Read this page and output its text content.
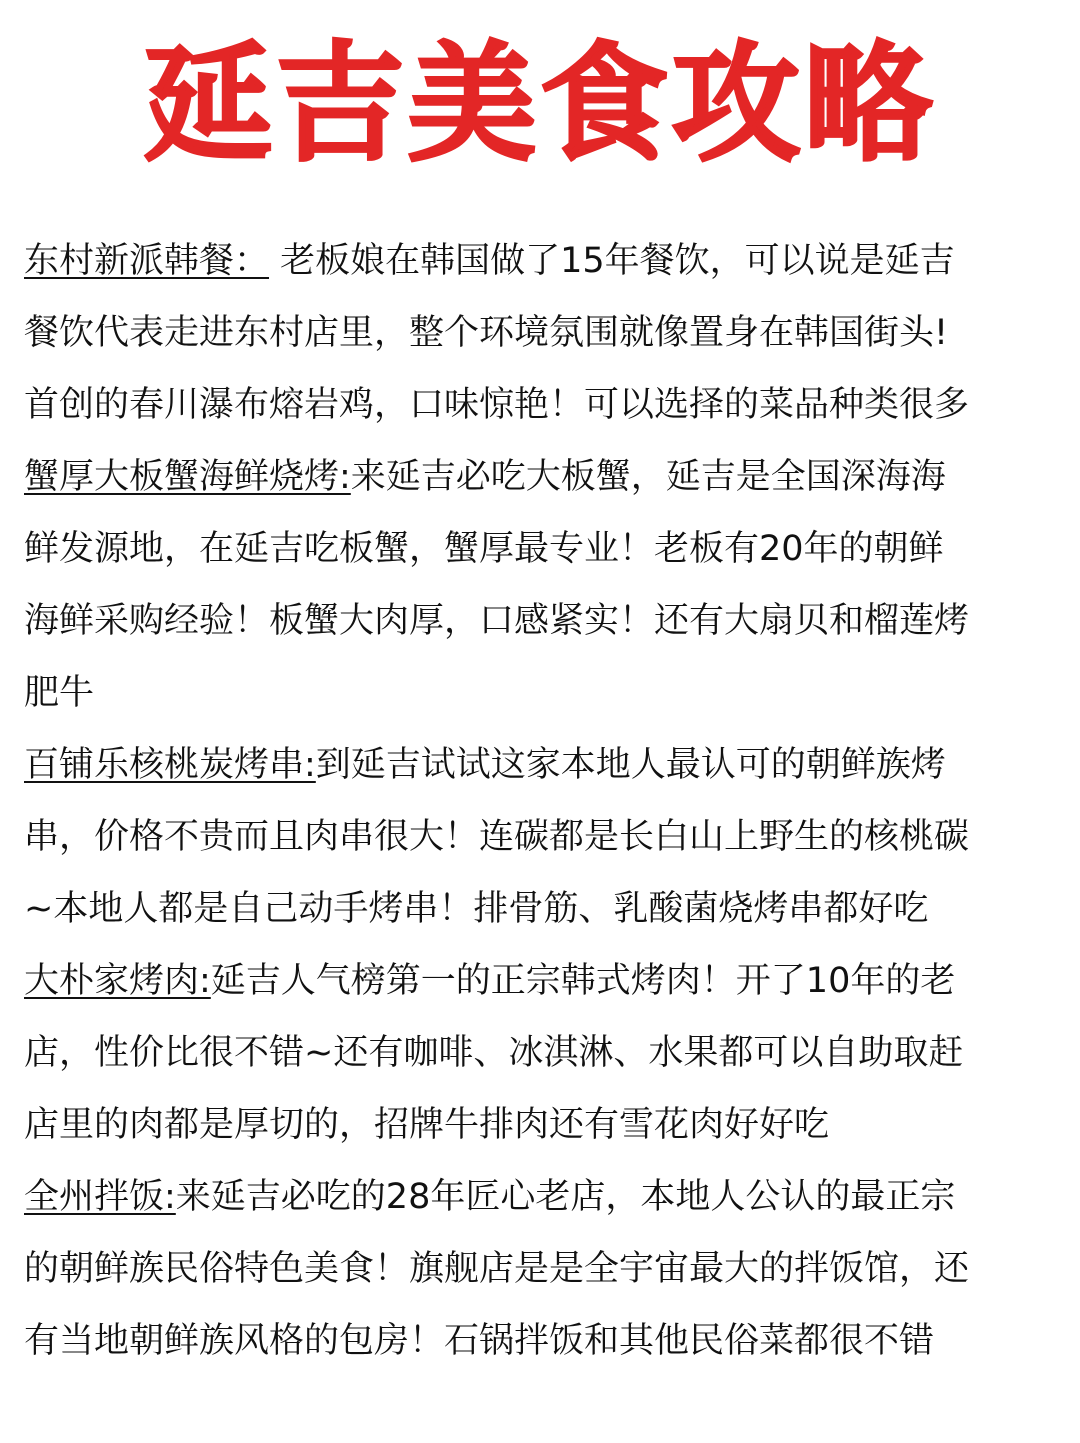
延吉美食攻略
东村新派韩餐： 老板娘在韩国做了15年餐饮，可以说是延吉
餐饮代表走进东村店里，整个环境氛围就像置身在韩国街头!
首创的春川瀑布熔岩鸡，口味惊艳！可以选择的菜品种类很多
蟹厚大板蟹海鲜烧烤:来延吉必吃大板蟹，延吉是全国深海海
鲜发源地，在延吉吃板蟹，蟹厚最专业！老板有20年的朝鲜
海鲜采购经验！板蟹大肉厚，口感紧实！还有大扇贝和榴莲烤
肥牛
百铺乐核桃炭烤串:到延吉试试这家本地人最认可的朝鲜族烤
串，价格不贵而且肉串很大！连碳都是长白山上野生的核桃碳
~本地人都是自己动手烤串！排骨筋、乳酸菌烧烤串都好吃
大朴家烤肉:延吉人气榜第一的正宗韩式烤肉！开了10年的老
店，性价比很不错~还有咖啡、冰淇淋、水果都可以自助取赶
店里的肉都是厚切的，招牌牛排肉还有雪花肉好好吃
全州拌饭:来延吉必吃的28年匠心老店，本地人公认的最正宗
的朝鲜族民俗特色美食！旗舰店是是全宇宙最大的拌饭馆，还
有当地朝鲜族风格的包房！石锅拌饭和其他民俗菜都很不错
